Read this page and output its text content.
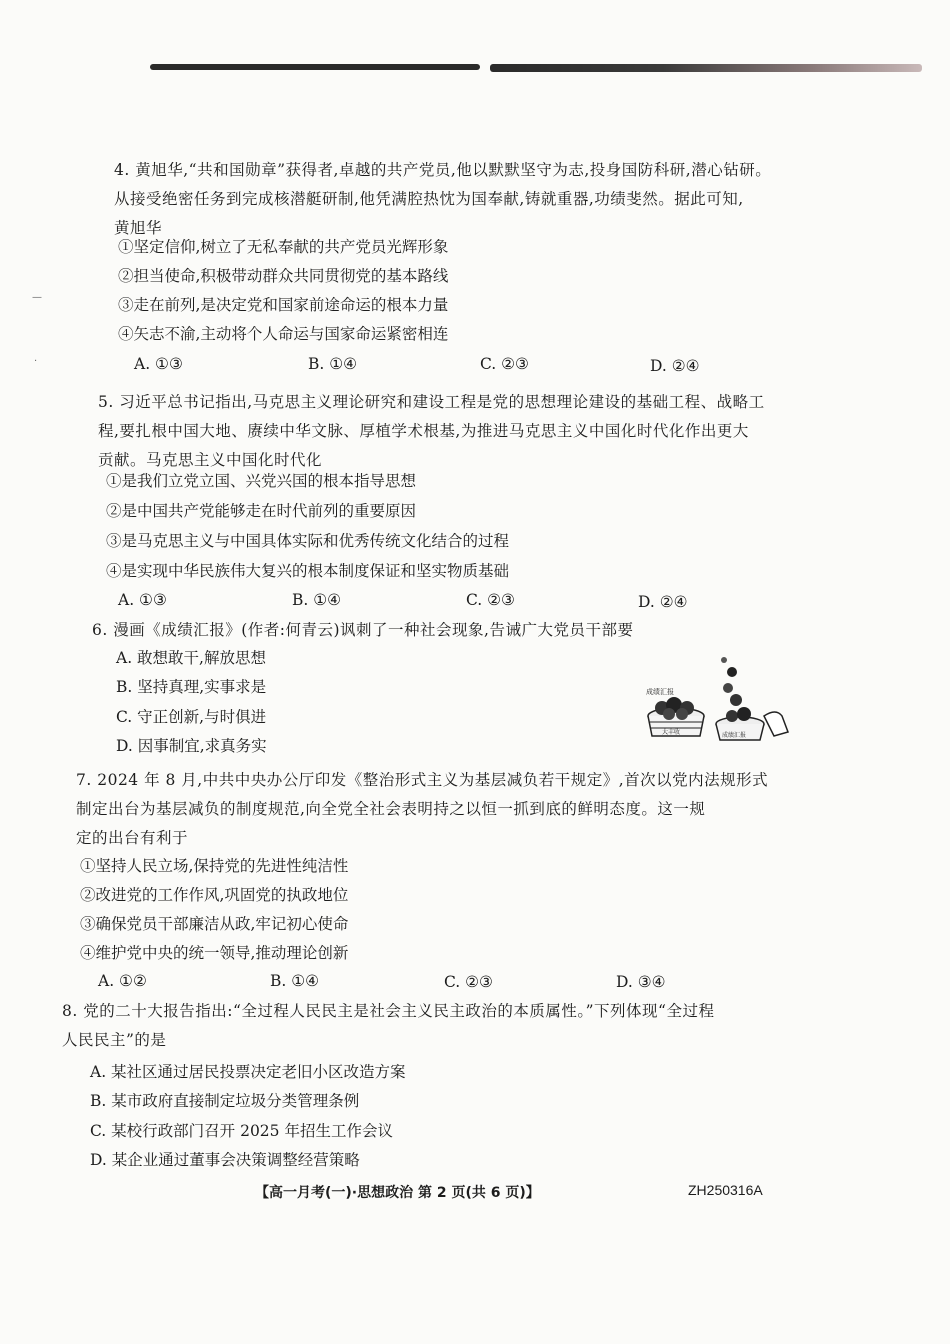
—
·
4. 黄旭华,“共和国勋章”获得者,卓越的共产党员,他以默默坚守为志,投身国防科研,潜心钻研。
从接受绝密任务到完成核潜艇研制,他凭满腔热忱为国奉献,铸就重器,功绩斐然。据此可知,
黄旭华
①坚定信仰,树立了无私奉献的共产党员光辉形象
②担当使命,积极带动群众共同贯彻党的基本路线
③走在前列,是决定党和国家前途命运的根本力量
④矢志不渝,主动将个人命运与国家命运紧密相连
A. ①③	B. ①④	C. ②③	D. ②④
5. 习近平总书记指出,马克思主义理论研究和建设工程是党的思想理论建设的基础工程、战略工
程,要扎根中国大地、赓续中华文脉、厚植学术根基,为推进马克思主义中国化时代化作出更大
贡献。马克思主义中国化时代化
①是我们立党立国、兴党兴国的根本指导思想
②是中国共产党能够走在时代前列的重要原因
③是马克思主义与中国具体实际和优秀传统文化结合的过程
④是实现中华民族伟大复兴的根本制度保证和坚实物质基础
A. ①③	B. ①④	C. ②③	D. ②④
6. 漫画《成绩汇报》(作者:何青云)讽刺了一种社会现象,告诫广大党员干部要
A. 敢想敢干,解放思想
B. 坚持真理,实事求是
C. 守正创新,与时俱进
D. 因事制宜,求真务实
成绩汇报
大丰收	成绩汇报
7. 2024 年 8 月,中共中央办公厅印发《整治形式主义为基层减负若干规定》,首次以党内法规形式
制定出台为基层减负的制度规范,向全党全社会表明持之以恒一抓到底的鲜明态度。这一规
定的出台有利于
①坚持人民立场,保持党的先进性纯洁性
②改进党的工作作风,巩固党的执政地位
③确保党员干部廉洁从政,牢记初心使命
④维护党中央的统一领导,推动理论创新
A. ①②	B. ①④	C. ②③	D. ③④
8. 党的二十大报告指出:“全过程人民民主是社会主义民主政治的本质属性。”下列体现“全过程
人民民主”的是
A. 某社区通过居民投票决定老旧小区改造方案
B. 某市政府直接制定垃圾分类管理条例
C. 某校行政部门召开 2025 年招生工作会议
D. 某企业通过董事会决策调整经营策略
【高一月考(一)·思想政治 第 2 页(共 6 页)】	ZH250316A
